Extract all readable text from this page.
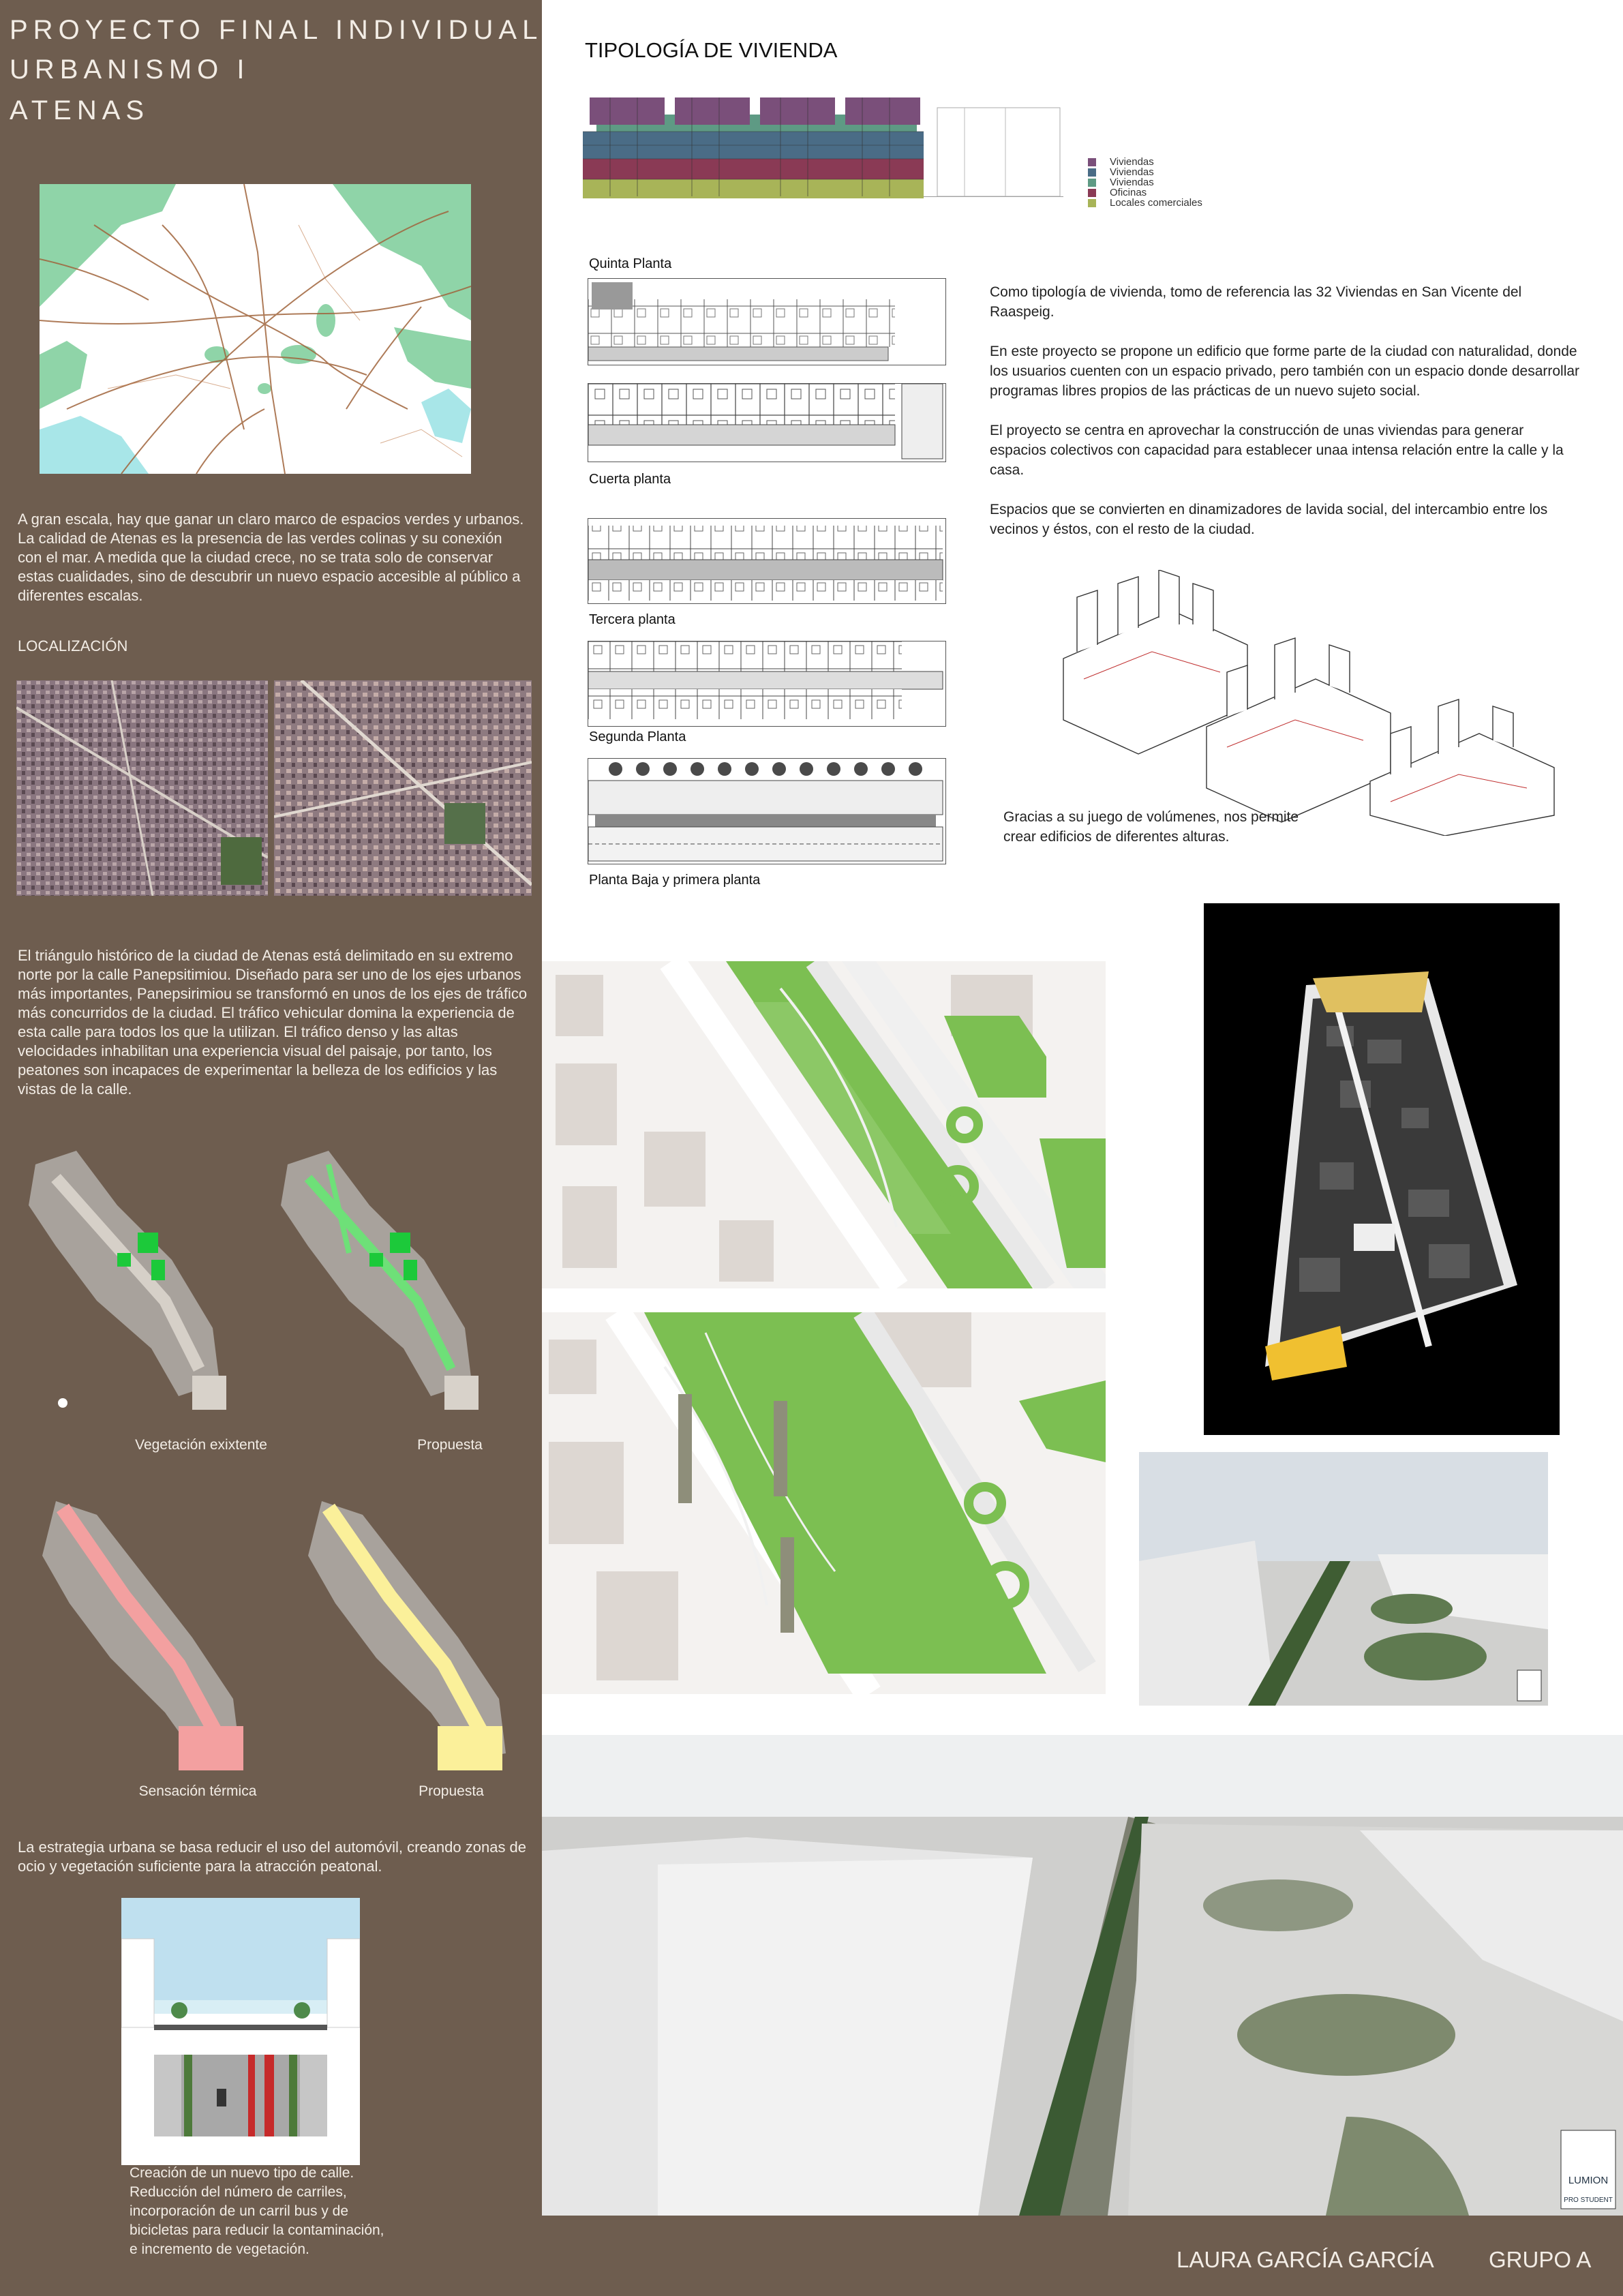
PROYECTO FINAL INDIVIDUAL
URBANISMO I
ATENAS
A gran escala, hay que ganar un claro marco de espacios verdes y urbanos. La calidad de Atenas es la presencia de las verdes colinas y su conexión con el mar. A medida que la ciudad crece, no se trata solo de conservar estas cualidades, sino de descubrir un nuevo espacio accesible al público a diferentes escalas.
LOCALIZACIÓN
El triángulo histórico de la ciudad de Atenas está delimitado en su extremo norte por la calle Panepsitimiou. Diseñado para ser uno de los ejes urbanos más importantes, Panepsirimiou se transformó en unos de los ejes de tráfico más concurridos de la ciudad. El tráfico vehicular domina la experiencia de esta calle para todos los que la utilizan. El tráfico denso y las altas velocidades inhabilitan una experiencia visual del paisaje, por tanto, los peatones son incapaces de experimentar la belleza de los edificios y las vistas de la calle.
Vegetación exixtente	Propuesta
Sensación térmica	Propuesta
La estrategia urbana se basa reducir el uso del automóvil, creando zonas de ocio y vegetación suficiente para la atracción peatonal.
Creación de un nuevo tipo de calle.
Reducción del número de carriles,
incorporación de un carril bus y de
bicicletas para reducir la contaminación,
e incremento de vegetación.
TIPOLOGÍA DE VIVIENDA
Viviendas
Viviendas
Viviendas
Oficinas
Locales comerciales
Quinta Planta
Cuerta planta
Tercera planta
Segunda Planta
Planta Baja y primera planta
Como tipología de vivienda, tomo de referencia las 32 Viviendas en San Vicente del Raaspeig.

En este proyecto se propone un edificio que forme parte de la ciudad con naturalidad, donde los usuarios cuenten con un espacio privado, pero también con un espacio donde desarrollar programas libres propios de las prácticas de un nuevo sujeto social.

El proyecto se centra en aprovechar la construcción de unas viviendas para generar espacios colectivos con capacidad para establecer unaa intensa relación entre la calle y la casa.

Espacios que se convierten en dinamizadores de lavida social, del intercambio entre los vecinos y éstos, con el resto de la ciudad.
Gracias a su juego de volúmenes, nos permite
crear edificios de diferentes alturas.
LUMION
PRO STUDENT
LAURA GARCÍA GARCÍA GRUPO A
